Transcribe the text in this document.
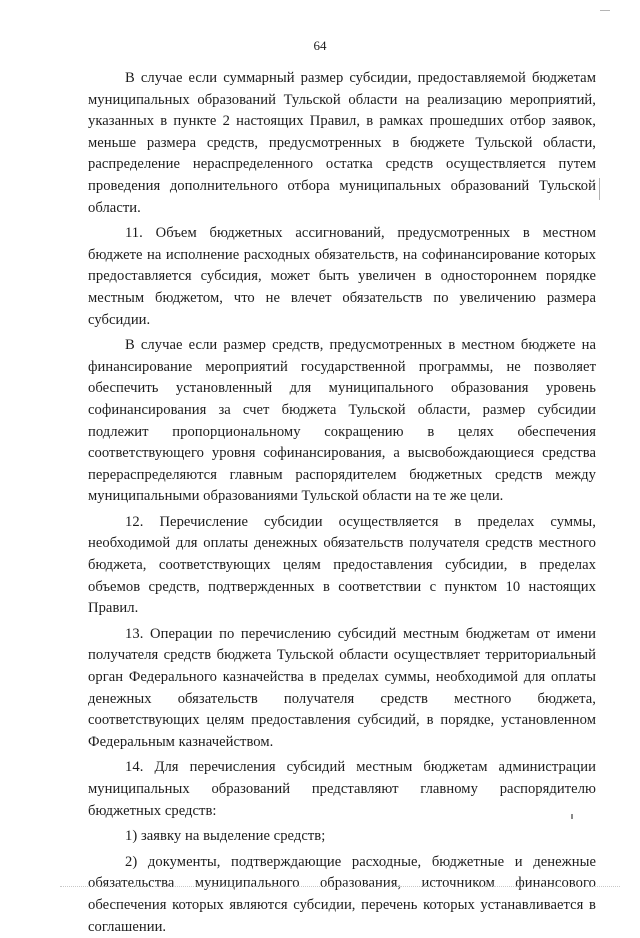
64

В случае если суммарный размер субсидии, предоставляемой бюджетам муниципальных образований Тульской области на реализацию мероприятий, указанных в пункте 2 настоящих Правил, в рамках прошедших отбор заявок, меньше размера средств, предусмотренных в бюджете Тульской области, распределение нераспределенного остатка средств осуществляется путем проведения дополнительного отбора муниципальных образований Тульской области.

11. Объем бюджетных ассигнований, предусмотренных в местном бюджете на исполнение расходных обязательств, на софинансирование которых предоставляется субсидия, может быть увеличен в одностороннем порядке местным бюджетом, что не влечет обязательств по увеличению размера субсидии.

В случае если размер средств, предусмотренных в местном бюджете на финансирование мероприятий государственной программы, не позволяет обеспечить установленный для муниципального образования уровень софинансирования за счет бюджета Тульской области, размер субсидии подлежит пропорциональному сокращению в целях обеспечения соответствующего уровня софинансирования, а высвобождающиеся средства перераспределяются главным распорядителем бюджетных средств между муниципальными образованиями Тульской области на те же цели.

12. Перечисление субсидии осуществляется в пределах суммы, необходимой для оплаты денежных обязательств получателя средств местного бюджета, соответствующих целям предоставления субсидии, в пределах объемов средств, подтвержденных в соответствии с пунктом 10 настоящих Правил.

13. Операции по перечислению субсидий местным бюджетам от имени получателя средств бюджета Тульской области осуществляет территориальный орган Федерального казначейства в пределах суммы, необходимой для оплаты денежных обязательств получателя средств местного бюджета, соответствующих целям предоставления субсидий, в порядке, установленном Федеральным казначейством.

14. Для перечисления субсидий местным бюджетам администрации муниципальных образований представляют главному распорядителю бюджетных средств:

1) заявку на выделение средств;

2) документы, подтверждающие расходные, бюджетные и денежные обязательства муниципального образования, источником финансового обеспечения которых являются субсидии, перечень которых устанавливается в соглашении.
